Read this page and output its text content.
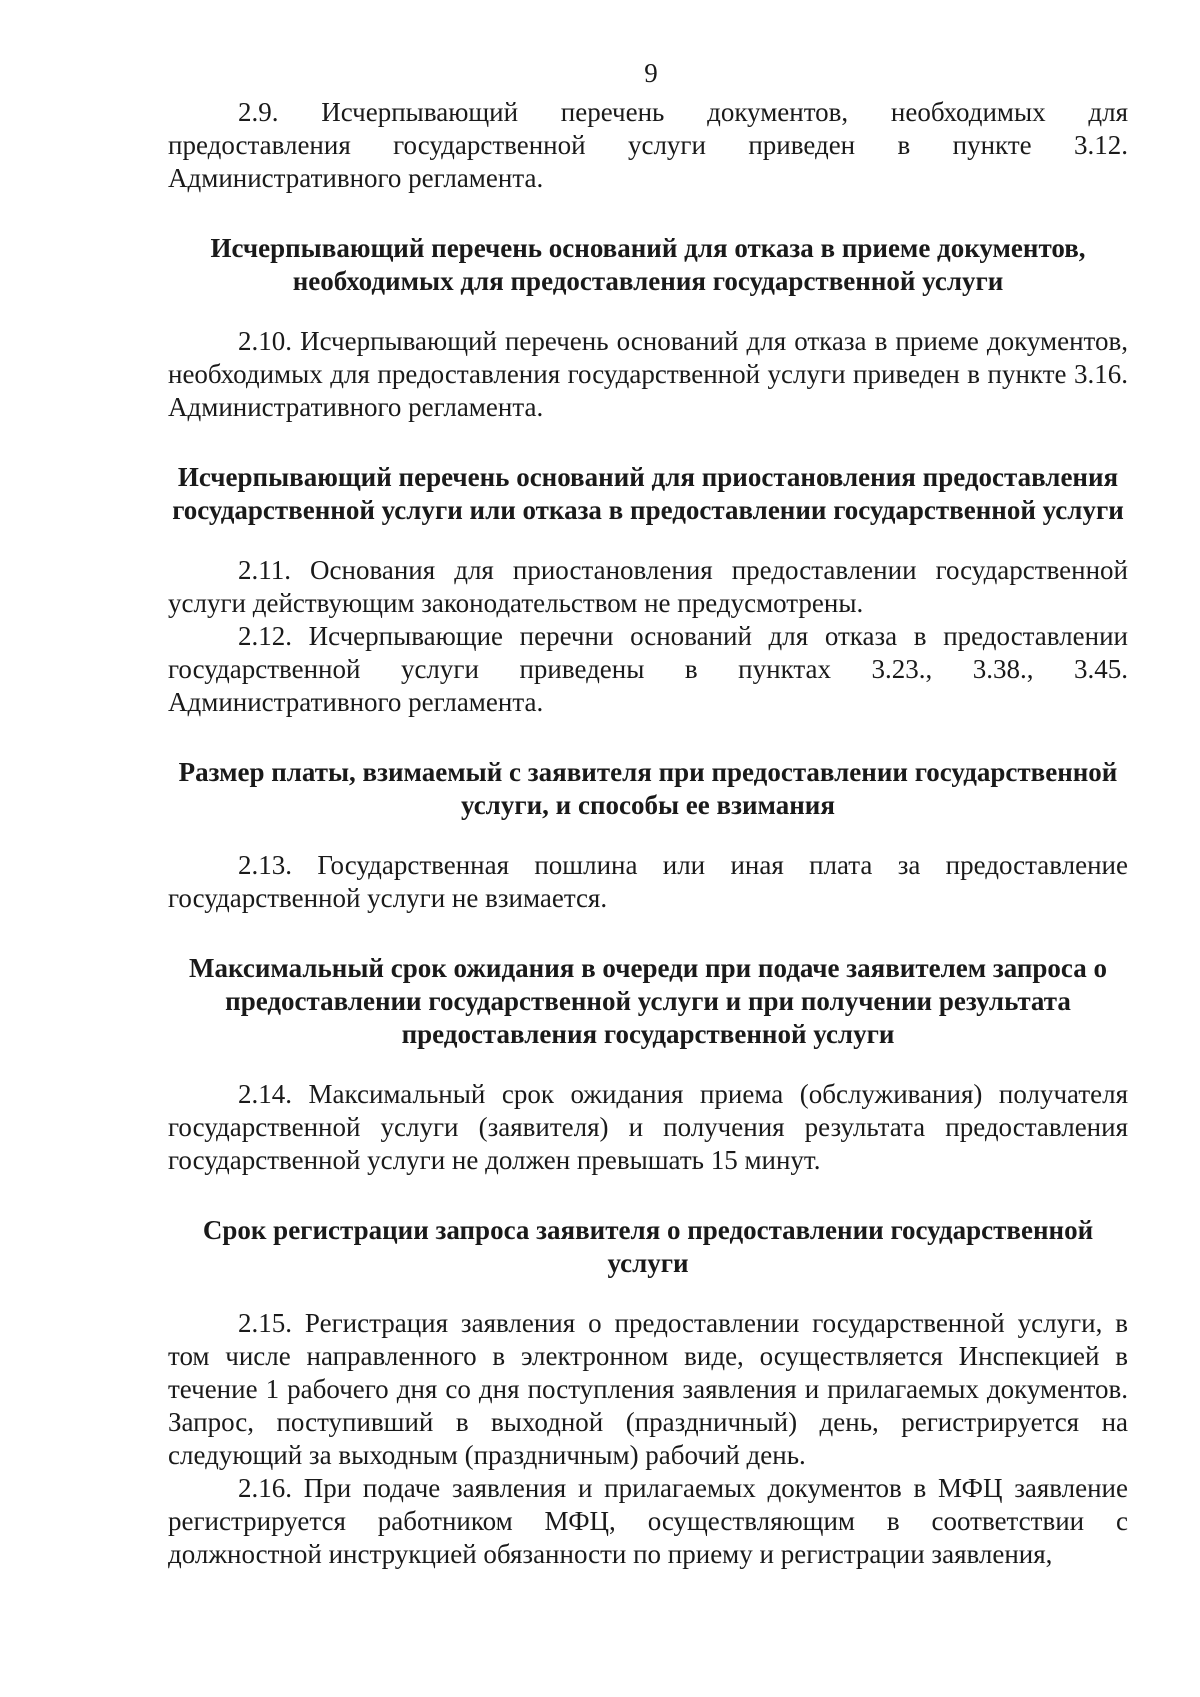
9

2.9. Исчерпывающий перечень документов, необходимых для предоставления государственной услуги приведен в пункте 3.12. Административного регламента.

Исчерпывающий перечень оснований для отказа в приеме документов, необходимых для предоставления государственной услуги

2.10. Исчерпывающий перечень оснований для отказа в приеме документов, необходимых для предоставления государственной услуги приведен в пункте 3.16. Административного регламента.

Исчерпывающий перечень оснований для приостановления предоставления государственной услуги или отказа в предоставлении государственной услуги

2.11. Основания для приостановления предоставлении государственной услуги действующим законодательством не предусмотрены.

2.12. Исчерпывающие перечни оснований для отказа в предоставлении государственной услуги приведены в пунктах 3.23., 3.38., 3.45. Административного регламента.

Размер платы, взимаемый с заявителя при предоставлении государственной услуги, и способы ее взимания

2.13. Государственная пошлина или иная плата за предоставление государственной услуги не взимается.

Максимальный срок ожидания в очереди при подаче заявителем запроса о предоставлении государственной услуги и при получении результата предоставления государственной услуги

2.14. Максимальный срок ожидания приема (обслуживания) получателя государственной услуги (заявителя) и получения результата предоставления государственной услуги не должен превышать 15 минут.

Срок регистрации запроса заявителя о предоставлении государственной услуги

2.15. Регистрация заявления о предоставлении государственной услуги, в том числе направленного в электронном виде, осуществляется Инспекцией в течение 1 рабочего дня со дня поступления заявления и прилагаемых документов. Запрос, поступивший в выходной (праздничный) день, регистрируется на следующий за выходным (праздничным) рабочий день.

2.16. При подаче заявления и прилагаемых документов в МФЦ заявление регистрируется работником МФЦ, осуществляющим в соответствии с должностной инструкцией обязанности по приему и регистрации заявления,
